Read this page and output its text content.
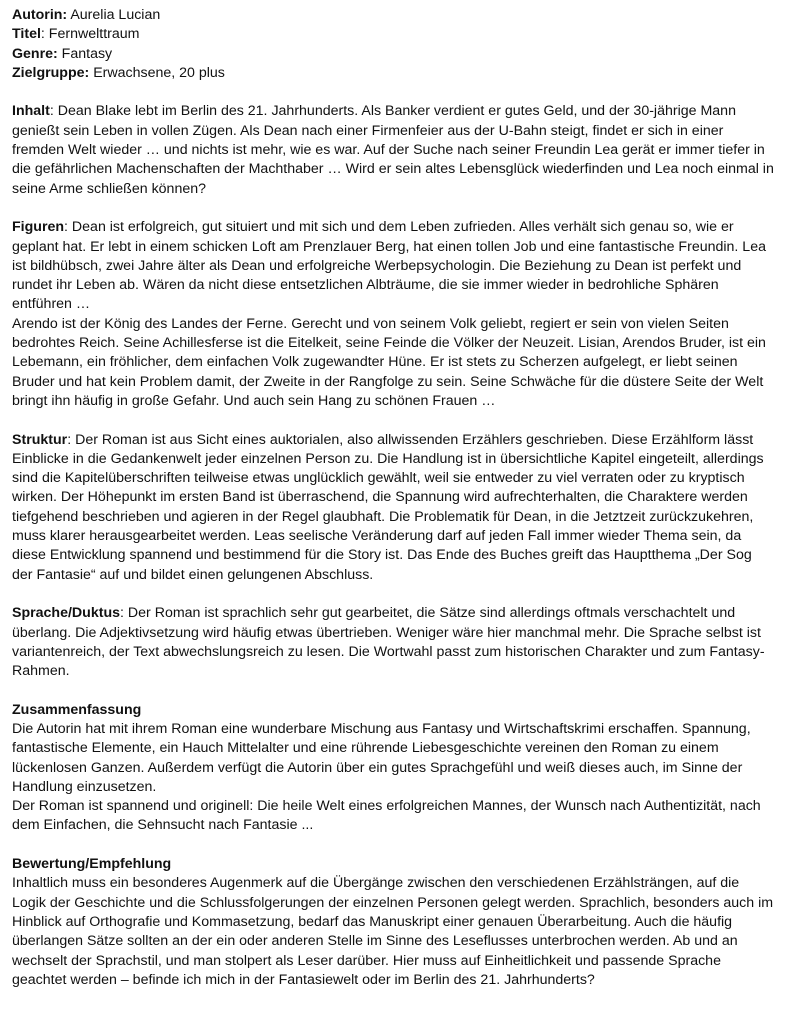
Autorin: Aurelia Lucian

Titel: Fernwelttraum

Genre: Fantasy

Zielgruppe: Erwachsene, 20 plus

Inhalt: Dean Blake lebt im Berlin des 21. Jahrhunderts. Als Banker verdient er gutes Geld, und der 30-jährige Mann genießt sein Leben in vollen Zügen. Als Dean nach einer Firmenfeier aus der U-Bahn steigt, findet er sich in einer fremden Welt wieder … und nichts ist mehr, wie es war. Auf der Suche nach seiner Freundin Lea gerät er immer tiefer in die gefährlichen Machenschaften der Machthaber … Wird er sein altes Lebensglück wiederfinden und Lea noch einmal in seine Arme schließen können?

Figuren: Dean ist erfolgreich, gut situiert und mit sich und dem Leben zufrieden. Alles verhält sich genau so, wie er geplant hat. Er lebt in einem schicken Loft am Prenzlauer Berg, hat einen tollen Job und eine fantastische Freundin. Lea ist bildhübsch, zwei Jahre älter als Dean und erfolgreiche Werbepsychologin. Die Beziehung zu Dean ist perfekt und rundet ihr Leben ab. Wären da nicht diese entsetzlichen Albträume, die sie immer wieder in bedrohliche Sphären entführen …

Arendo ist der König des Landes der Ferne. Gerecht und von seinem Volk geliebt, regiert er sein von vielen Seiten bedrohtes Reich. Seine Achillesferse ist die Eitelkeit, seine Feinde die Völker der Neuzeit. Lisian, Arendos Bruder, ist ein Lebemann, ein fröhlicher, dem einfachen Volk zugewandter Hüne. Er ist stets zu Scherzen aufgelegt, er liebt seinen Bruder und hat kein Problem damit, der Zweite in der Rangfolge zu sein. Seine Schwäche für die düstere Seite der Welt bringt ihn häufig in große Gefahr. Und auch sein Hang zu schönen Frauen …

Struktur: Der Roman ist aus Sicht eines auktorialen, also allwissenden Erzählers geschrieben. Diese Erzählform lässt Einblicke in die Gedankenwelt jeder einzelnen Person zu. Die Handlung ist in übersichtliche Kapitel eingeteilt, allerdings sind die Kapitelüberschriften teilweise etwas unglücklich gewählt, weil sie entweder zu viel verraten oder zu kryptisch wirken. Der Höhepunkt im ersten Band ist überraschend, die Spannung wird aufrechterhalten, die Charaktere werden tiefgehend beschrieben und agieren in der Regel glaubhaft. Die Problematik für Dean, in die Jetztzeit zurückzukehren, muss klarer herausgearbeitet werden. Leas seelische Veränderung darf auf jeden Fall immer wieder Thema sein, da diese Entwicklung spannend und bestimmend für die Story ist. Das Ende des Buches greift das Hauptthema „Der Sog der Fantasie“ auf und bildet einen gelungenen Abschluss.

Sprache/Duktus: Der Roman ist sprachlich sehr gut gearbeitet, die Sätze sind allerdings oftmals verschachtelt und überlang. Die Adjektivsetzung wird häufig etwas übertrieben. Weniger wäre hier manchmal mehr. Die Sprache selbst ist variantenreich, der Text abwechslungsreich zu lesen. Die Wortwahl passt zum historischen Charakter und zum Fantasy-Rahmen.

Zusammenfassung

Die Autorin hat mit ihrem Roman eine wunderbare Mischung aus Fantasy und Wirtschaftskrimi erschaffen. Spannung, fantastische Elemente, ein Hauch Mittelalter und eine rührende Liebesgeschichte vereinen den Roman zu einem lückenlosen Ganzen. Außerdem verfügt die Autorin über ein gutes Sprachgefühl und weiß dieses auch, im Sinne der Handlung einzusetzen.

Der Roman ist spannend und originell: Die heile Welt eines erfolgreichen Mannes, der Wunsch nach Authentizität, nach dem Einfachen, die Sehnsucht nach Fantasie ...

Bewertung/Empfehlung

Inhaltlich muss ein besonderes Augenmerk auf die Übergänge zwischen den verschiedenen Erzählsträngen, auf die Logik der Geschichte und die Schlussfolgerungen der einzelnen Personen gelegt werden. Sprachlich, besonders auch im Hinblick auf Orthografie und Kommasetzung, bedarf das Manuskript einer genauen Überarbeitung. Auch die häufig überlangen Sätze sollten an der ein oder anderen Stelle im Sinne des Leseflusses unterbrochen werden. Ab und an wechselt der Sprachstil, und man stolpert als Leser darüber. Hier muss auf Einheitlichkeit und passende Sprache geachtet werden – befinde ich mich in der Fantasiewelt oder im Berlin des 21. Jahrhunderts?
